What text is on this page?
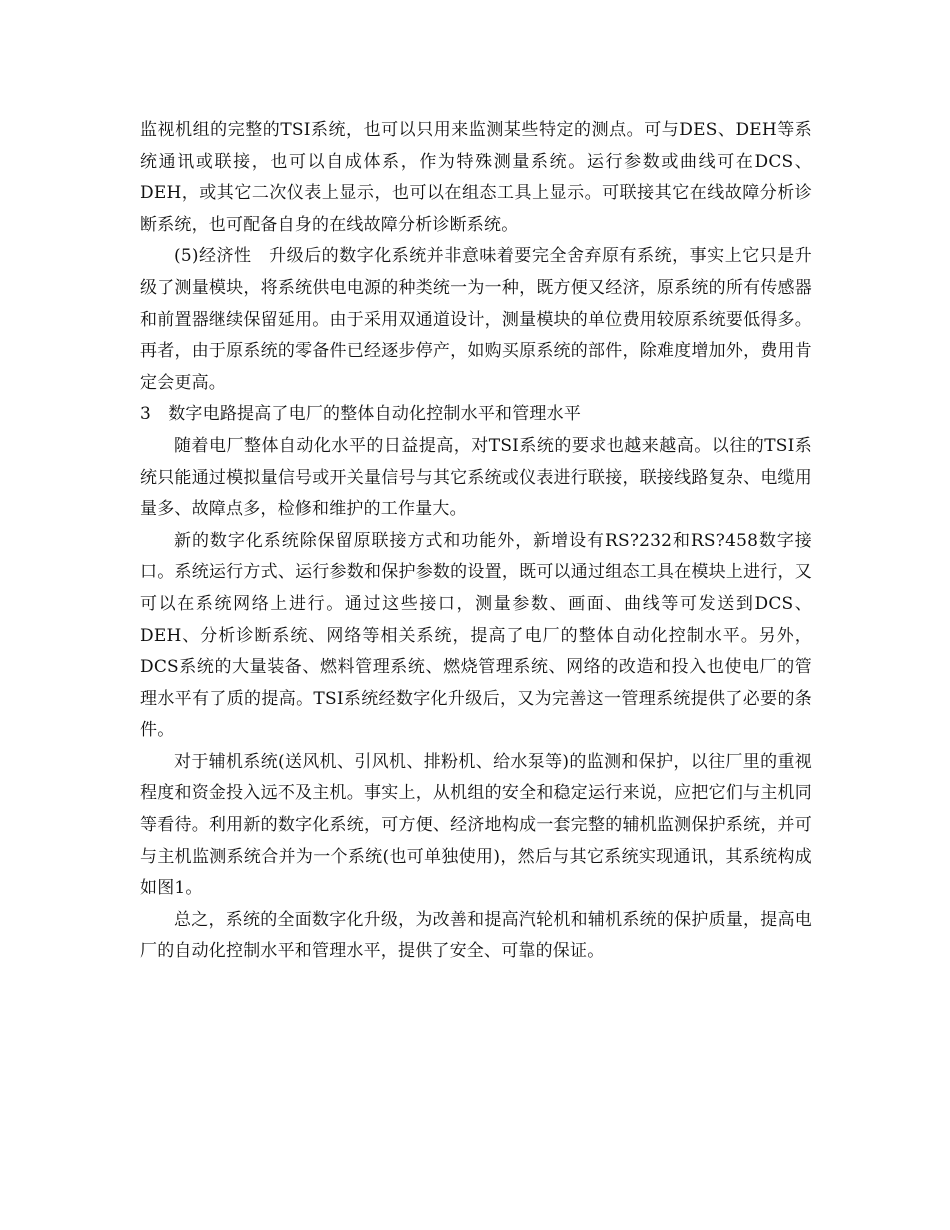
监视机组的完整的TSI系统，也可以只用来监测某些特定的测点。可与DES、DEH等系统通讯或联接，也可以自成体系，作为特殊测量系统。运行参数或曲线可在DCS、DEH，或其它二次仪表上显示，也可以在组态工具上显示。可联接其它在线故障分析诊断系统，也可配备自身的在线故障分析诊断系统。

(5)经济性　升级后的数字化系统并非意味着要完全舍弃原有系统，事实上它只是升级了测量模块，将系统供电电源的种类统一为一种，既方便又经济，原系统的所有传感器和前置器继续保留延用。由于采用双通道设计，测量模块的单位费用较原系统要低得多。再者，由于原系统的零备件已经逐步停产，如购买原系统的部件，除难度增加外，费用肯定会更高。

3　数字电路提高了电厂的整体自动化控制水平和管理水平

随着电厂整体自动化水平的日益提高，对TSI系统的要求也越来越高。以往的TSI系统只能通过模拟量信号或开关量信号与其它系统或仪表进行联接，联接线路复杂、电缆用量多、故障点多，检修和维护的工作量大。

新的数字化系统除保留原联接方式和功能外，新增设有RS?232和RS?458数字接口。系统运行方式、运行参数和保护参数的设置，既可以通过组态工具在模块上进行，又可以在系统网络上进行。通过这些接口，测量参数、画面、曲线等可发送到DCS、DEH、分析诊断系统、网络等相关系统，提高了电厂的整体自动化控制水平。另外，DCS系统的大量装备、燃料管理系统、燃烧管理系统、网络的改造和投入也使电厂的管理水平有了质的提高。TSI系统经数字化升级后，又为完善这一管理系统提供了必要的条件。

对于辅机系统(送风机、引风机、排粉机、给水泵等)的监测和保护，以往厂里的重视程度和资金投入远不及主机。事实上，从机组的安全和稳定运行来说，应把它们与主机同等看待。利用新的数字化系统，可方便、经济地构成一套完整的辅机监测保护系统，并可与主机监测系统合并为一个系统(也可单独使用)，然后与其它系统实现通讯，其系统构成如图1。

总之，系统的全面数字化升级，为改善和提高汽轮机和辅机系统的保护质量，提高电厂的自动化控制水平和管理水平，提供了安全、可靠的保证。
